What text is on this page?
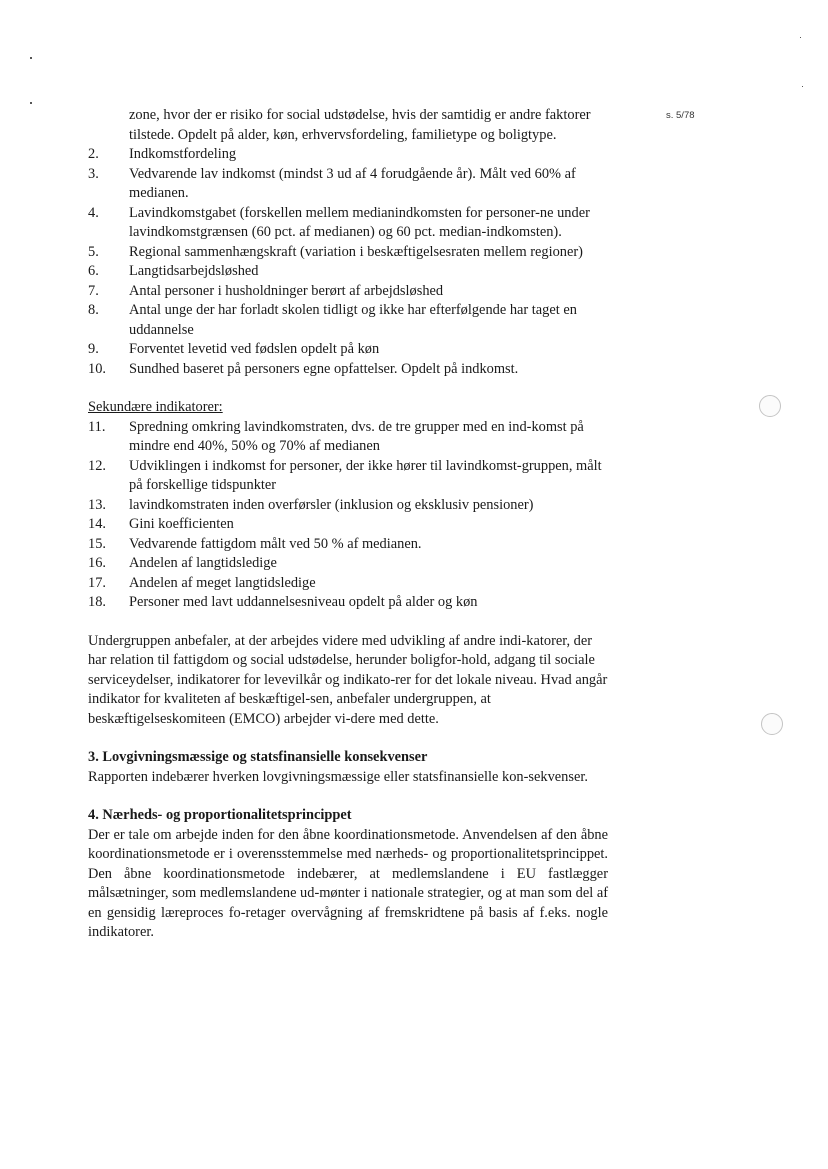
s. 5/78

zone, hvor der er risiko for social udstødelse, hvis der samtidig er andre faktorer tilstede. Opdelt på alder, køn, erhvervsfordeling, familietype og boligtype.

2.	Indkomstfordeling
3.	Vedvarende lav indkomst (mindst 3 ud af 4 forudgående år). Målt ved 60% af medianen.
4.	Lavindkomstgabet (forskellen mellem medianindkomsten for personer-ne under lavindkomstgrænsen (60 pct. af medianen) og 60 pct. median-indkomsten).
5.	Regional sammenhængskraft (variation i beskæftigelsesraten mellem regioner)
6.	Langtidsarbejdsløshed
7.	Antal personer i husholdninger berørt af arbejdsløshed
8.	Antal unge der har forladt skolen tidligt og ikke har efterfølgende har taget en uddannelse
9.	Forventet levetid ved fødslen opdelt på køn
10.	Sundhed baseret på personers egne opfattelser. Opdelt på indkomst.

Sekundære indikatorer:

11.	Spredning omkring lavindkomstraten, dvs. de tre grupper med en ind-komst på mindre end 40%, 50% og 70% af medianen
12.	Udviklingen i indkomst for personer, der ikke hører til lavindkomst-gruppen, målt på forskellige tidspunkter
13.	lavindkomstraten inden overførsler (inklusion og eksklusiv pensioner)
14.	Gini koefficienten
15.	Vedvarende fattigdom målt ved 50 % af medianen.
16.	Andelen af langtidsledige
17.	Andelen af meget langtidsledige
18.	Personer med lavt uddannelsesniveau opdelt på alder og køn

Undergruppen anbefaler, at der arbejdes videre med udvikling af andre indi-katorer, der har relation til fattigdom og social udstødelse, herunder boligfor-hold, adgang til sociale serviceydelser, indikatorer for levevilkår og indikato-rer for det lokale niveau. Hvad angår indikator for kvaliteten af beskæftigel-sen, anbefaler undergruppen, at beskæftigelseskomiteen (EMCO) arbejder vi-dere med dette.

3. Lovgivningsmæssige og statsfinansielle konsekvenser

Rapporten indebærer hverken lovgivningsmæssige eller statsfinansielle kon-sekvenser.

4. Nærheds- og proportionalitetsprincippet

Der er tale om arbejde inden for den åbne koordinationsmetode. Anvendelsen af den åbne koordinationsmetode er i overensstemmelse med nærheds- og proportionalitetsprincippet. Den åbne koordinationsmetode indebærer, at medlemslandene i EU fastlægger målsætninger, som medlemslandene ud-mønter i nationale strategier, og at man som del af en gensidig læreproces fo-retager overvågning af fremskridtene på basis af f.eks. nogle indikatorer.
